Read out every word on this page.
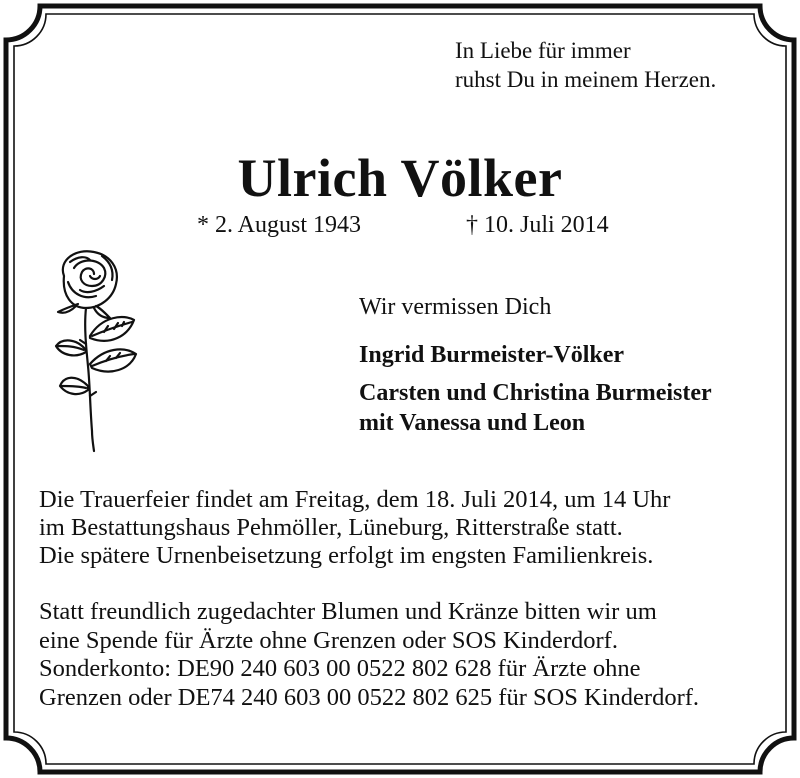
In Liebe für immer
ruhst Du in meinem Herzen.
Ulrich Völker
* 2. August 1943	† 10. Juli 2014
Wir vermissen Dich
Ingrid Burmeister-Völker
Carsten und Christina Burmeister
mit Vanessa und Leon
Die Trauerfeier findet am Freitag, dem 18. Juli 2014, um 14 Uhr
im Bestattungshaus Pehmöller, Lüneburg, Ritterstraße statt.
Die spätere Urnenbeisetzung erfolgt im engsten Familienkreis.
Statt freundlich zugedachter Blumen und Kränze bitten wir um
eine Spende für Ärzte ohne Grenzen oder SOS Kinderdorf.
Sonderkonto: DE90 240 603 00 0522 802 628 für Ärzte ohne
Grenzen oder DE74 240 603 00 0522 802 625 für SOS Kinderdorf.
